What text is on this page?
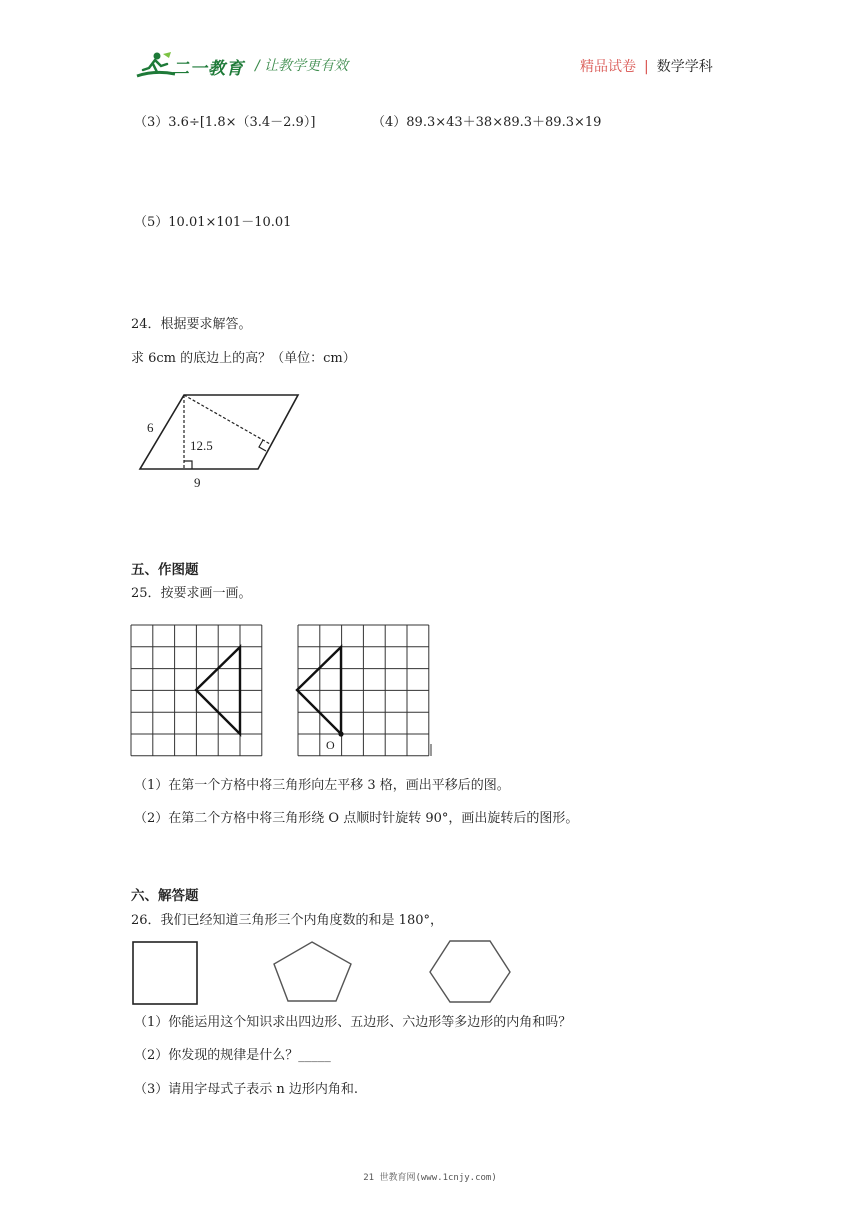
二一教育 / 让教学更有效	精品试卷 | 数学学科
（3）3.6÷[1.8×（3.4－2.9）]	（4）89.3×43＋38×89.3＋89.3×19
（5）10.01×101－10.01
24．根据要求解答。
求 6cm 的底边上的高？（单位：cm）
6
12.5
9
五、作图题
25．按要求画一画。
O
（1）在第一个方格中将三角形向左平移 3 格，画出平移后的图。
（2）在第二个方格中将三角形绕 O 点顺时针旋转 90°，画出旋转后的图形。
六、解答题
26．我们已经知道三角形三个内角度数的和是 180°，
（1）你能运用这个知识求出四边形、五边形、六边形等多边形的内角和吗？
（2）你发现的规律是什么？_____
（3）请用字母式子表示 n 边形内角和.
21 世教育网(www.1cnjy.com)
